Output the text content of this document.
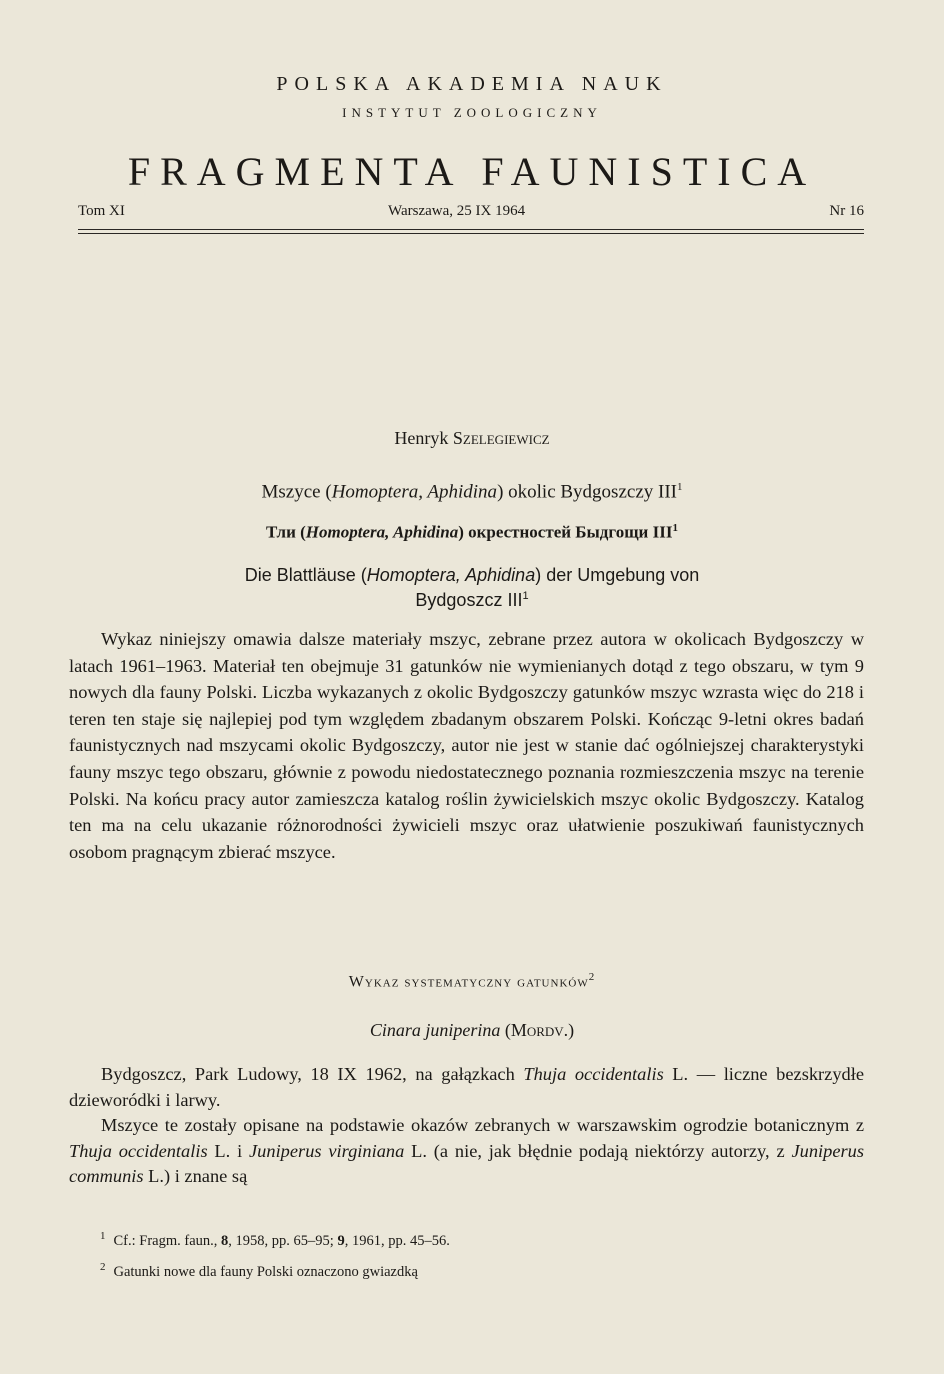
POLSKA AKADEMIA NAUK
INSTYTUT ZOOLOGICZNY
FRAGMENTA FAUNISTICA
Tom XI	Warszawa, 25 IX 1964	Nr 16
Henryk Szelegiewicz
Mszyce (Homoptera, Aphidina) okolic Bydgoszczy III$^1$
Тли (Homoptera, Aphidina) окрестностей Быдгощи III$^1$
Die Blattläuse (Homoptera, Aphidina) der Umgebung von
Bydgoszcz III$^1$

Wykaz niniejszy omawia dalsze materiały mszyc, zebrane przez autora w okolicach Bydgoszczy w latach 1961–1963. Materiał ten obejmuje 31 gatunków nie wymienianych dotąd z tego obszaru, w tym 9 nowych dla fauny Polski. Liczba wykazanych z okolic Bydgoszczy gatunków mszyc wzrasta więc do 218 i teren ten staje się najlepiej pod tym względem zbadanym obszarem Polski. Kończąc 9-letni okres badań faunistycznych nad mszycami okolic Bydgoszczy, autor nie jest w stanie dać ogólniejszej charakterystyki fauny mszyc tego obszaru, głównie z powodu niedostatecznego poznania rozmieszczenia mszyc na terenie Polski. Na końcu pracy autor zamieszcza katalog roślin żywicielskich mszyc okolic Bydgoszczy. Katalog ten ma na celu ukazanie różnorodności żywicieli mszyc oraz ułatwienie poszukiwań faunistycznych osobom pragnącym zbierać mszyce.

Wykaz systematyczny gatunków$^2$
Cinara juniperina (Mordv.)

Bydgoszcz, Park Ludowy, 18 IX 1962, na gałązkach Thuja occidentalis L. — liczne bezskrzydłe dzieworódki i larwy.

Mszyce te zostały opisane na podstawie okazów zebranych w warszawskim ogrodzie botanicznym z Thuja occidentalis L. i Juniperus virginiana L. (a nie, jak błędnie podają niektórzy autorzy, z Juniperus communis L.) i znane są

$^1$ Cf.: Fragm. faun., 8, 1958, pp. 65–95; 9, 1961, pp. 45–56.
$^2$ Gatunki nowe dla fauny Polski oznaczono gwiazdką
